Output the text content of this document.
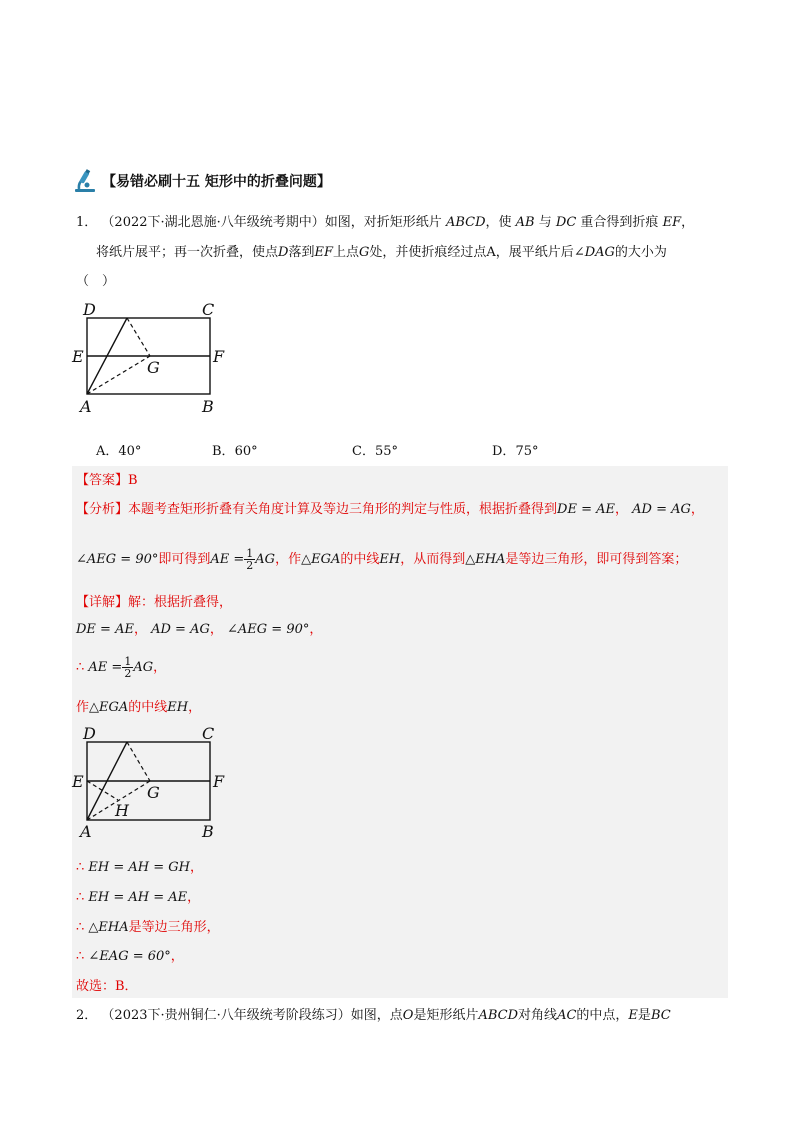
【易错必刷十五 矩形中的折叠问题】
1． （2022下·湖北恩施·八年级统考期中）如图，对折矩形纸片 ABCD，使 AB 与 DC 重合得到折痕 EF，
将纸片展平；再一次折叠，使点D落到EF上点G处，并使折痕经过点A，展平纸片后∠DAG的大小为
（　）
D	C
E	F
G
A	B
A．40°	B．60°	C．55°	D．75°
【答案】B
【分析】本题考查矩形折叠有关角度计算及等边三角形的判定与性质，根据折叠得到DE = AE， AD = AG，
∠AEG = 90°即可得到AE = $\frac{1}{2}$ AG，作△EGA的中线EH，从而得到△EHA是等边三角形，即可得到答案；
【详解】解：根据折叠得，
DE = AE， AD = AG， ∠AEG = 90°，
∴ AE = $\frac{1}{2}$ AG，
作△EGA的中线EH，
D	C
E	F
G
H
A	B
∴ EH = AH = GH，
∴ EH = AH = AE，
∴ △EHA是等边三角形，
∴ ∠EAG = 60°，
故选：B．
2． （2023下·贵州铜仁·八年级统考阶段练习）如图，点O是矩形纸片ABCD对角线AC的中点，E是BC
